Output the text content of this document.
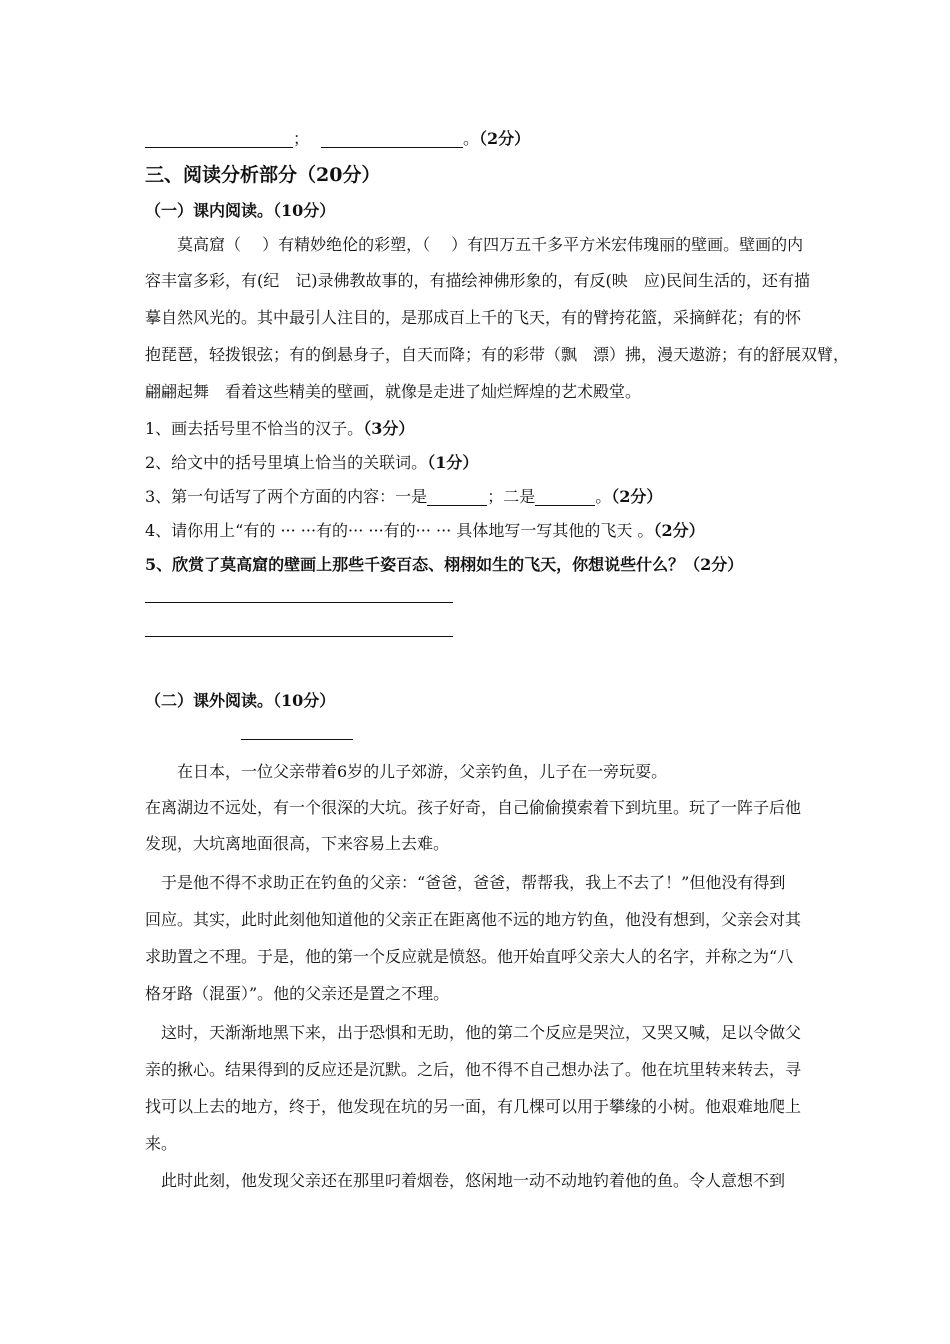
；	。（2分）
三、阅读分析部分（20分）
（一）课内阅读。（10分）
莫高窟（　 ）有精妙绝伦的彩塑，（　 ）有四万五千多平方米宏伟瑰丽的壁画。壁画的内
容丰富多彩，有(纪　记)录佛教故事的，有描绘神佛形象的，有反(映　应)民间生活的，还有描
摹自然风光的。其中最引人注目的，是那成百上千的飞天，有的臂挎花篮，采摘鲜花；有的怀
抱琵琶，轻拨银弦；有的倒悬身子，自天而降；有的彩带（飘　漂）拂，漫天遨游；有的舒展双臂，
翩翩起舞　看着这些精美的壁画，就像是走进了灿烂辉煌的艺术殿堂。
1、画去括号里不恰当的汉子。（3分）
2、给文中的括号里填上恰当的关联词。（1分）
3、第一句话写了两个方面的内容：一是	；二是	。（2分）
4、请你用上“有的 ··· ···有的··· ···有的··· ··· 具体地写一写其他的飞天 。（2分）
5、欣赏了莫高窟的壁画上那些千姿百态、栩栩如生的飞天，你想说些什么？（2分）
（二）课外阅读。（10分）
在日本，一位父亲带着6岁的儿子郊游，父亲钓鱼，儿子在一旁玩耍。
在离湖边不远处，有一个很深的大坑。孩子好奇，自己偷偷摸索着下到坑里。玩了一阵子后他
发现，大坑离地面很高，下来容易上去难。
于是他不得不求助正在钓鱼的父亲：“爸爸，爸爸，帮帮我，我上不去了！”但他没有得到
回应。其实，此时此刻他知道他的父亲正在距离他不远的地方钓鱼，他没有想到，父亲会对其
求助置之不理。于是，他的第一个反应就是愤怒。他开始直呼父亲大人的名字，并称之为“八
格牙路（混蛋）”。他的父亲还是置之不理。
这时，天渐渐地黑下来，出于恐惧和无助，他的第二个反应是哭泣，又哭又喊，足以令做父
亲的揪心。结果得到的反应还是沉默。之后，他不得不自己想办法了。他在坑里转来转去，寻
找可以上去的地方，终于，他发现在坑的另一面，有几棵可以用于攀缘的小树。他艰难地爬上
来。
此时此刻，他发现父亲还在那里叼着烟卷，悠闲地一动不动地钓着他的鱼。令人意想不到
